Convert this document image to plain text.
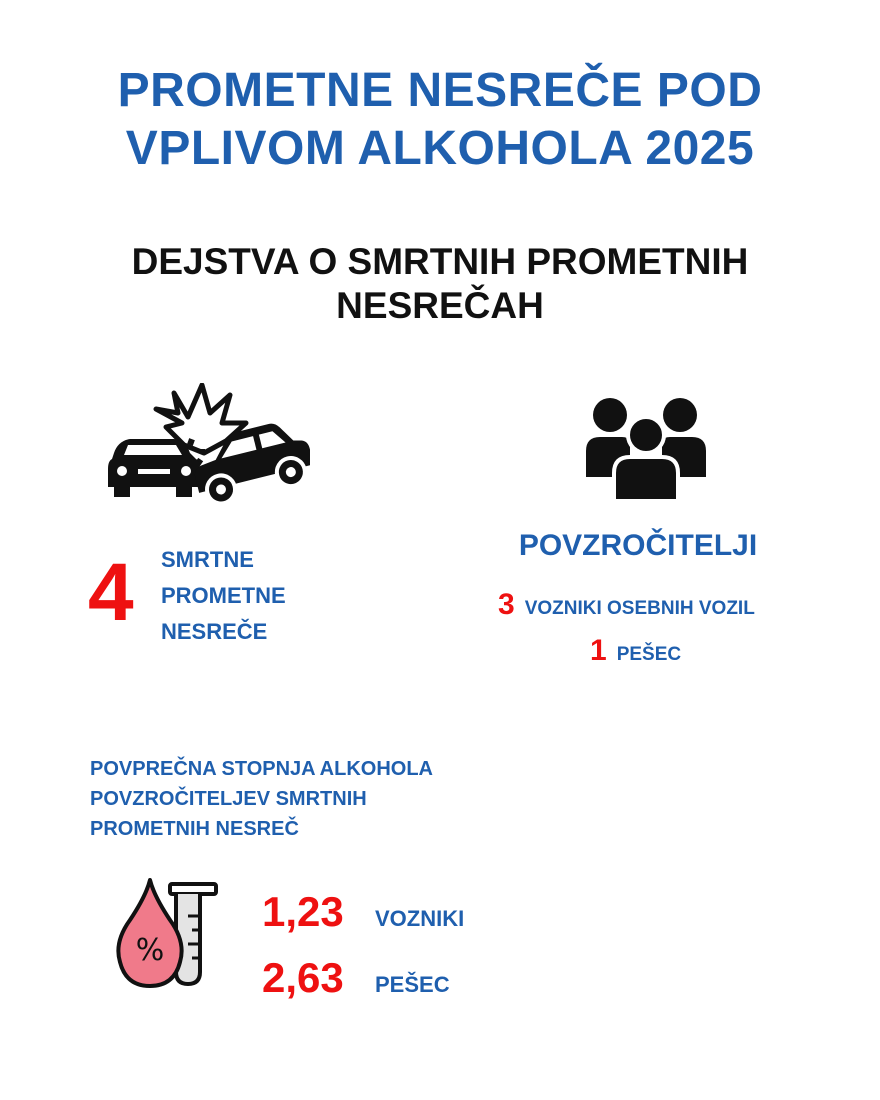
PROMETNE NESREČE POD
VPLIVOM ALKOHOLA 2025
DEJSTVA O SMRTNIH PROMETNIH
NESREČAH
4 SMRTNE
PROMETNE
NESREČE
POVZROČITELJI
3 VOZNIKI OSEBNIH VOZIL
1 PEŠEC
POVPREČNA STOPNJA ALKOHOLA
POVZROČITELJEV SMRTNIH
PROMETNIH NESREČ
%
1,23	VOZNIKI
2,63	PEŠEC
